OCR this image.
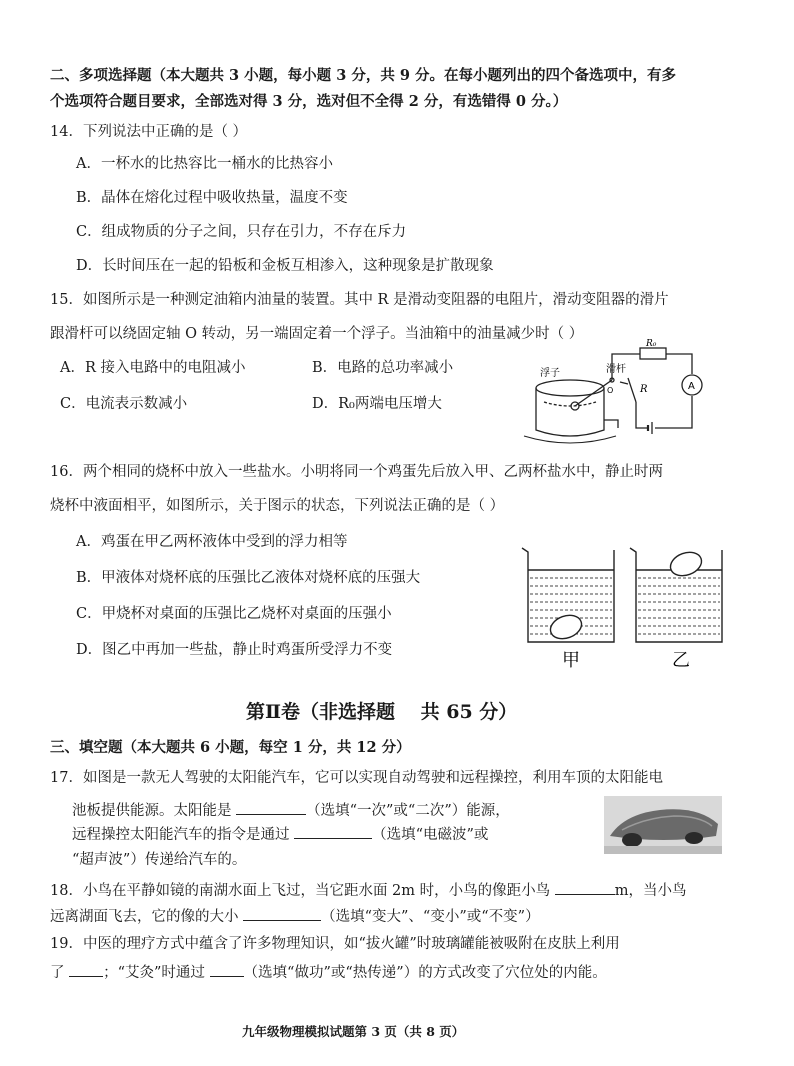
二、多项选择题（本大题共 3 小题，每小题 3 分，共 9 分。在每小题列出的四个备选项中，有多
个选项符合题目要求，全部选对得 3 分，选对但不全得 2 分，有选错得 0 分。）
14．下列说法中正确的是（ ）
A．一杯水的比热容比一桶水的比热容小
B．晶体在熔化过程中吸收热量，温度不变
C．组成物质的分子之间，只存在引力，不存在斥力
D．长时间压在一起的铅板和金板互相渗入，这种现象是扩散现象
15．如图所示是一种测定油箱内油量的装置。其中 R 是滑动变阻器的电阻片，滑动变阻器的滑片
跟滑杆可以绕固定轴 O 转动，另一端固定着一个浮子。当油箱中的油量减少时（ ）
A．R 接入电路中的电阻减小	B．电路的总功率减小
C．电流表示数减小	D．R₀两端电压增大
浮子	滑杆
R
R₀
A
O
16．两个相同的烧杯中放入一些盐水。小明将同一个鸡蛋先后放入甲、乙两杯盐水中，静止时两
烧杯中液面相平，如图所示，关于图示的状态，下列说法正确的是（ ）
A．鸡蛋在甲乙两杯液体中受到的浮力相等
B．甲液体对烧杯底的压强比乙液体对烧杯底的压强大
C．甲烧杯对桌面的压强比乙烧杯对桌面的压强小
D．图乙中再加一些盐，静止时鸡蛋所受浮力不变	甲	乙
第Ⅱ卷（非选择题　 共 65 分）
三、填空题（本大题共 6 小题，每空 1 分，共 12 分）
17．如图是一款无人驾驶的太阳能汽车，它可以实现自动驾驶和远程操控，利用车顶的太阳能电
池板提供能源。太阳能是	（选填“一次”或“二次”）能源，
远程操控太阳能汽车的指令是通过	（选填“电磁波”或
“超声波”）传递给汽车的。
18．小鸟在平静如镜的南湖水面上飞过，当它距水面 2m 时，小鸟的像距小鸟	m，当小鸟
远离湖面飞去，它的像的大小	（选填“变大”、“变小”或“不变”）
19．中医的理疗方式中蕴含了许多物理知识，如“拔火罐”时玻璃罐能被吸附在皮肤上利用
了 ；“艾灸”时通过 （选填“做功”或“热传递”）的方式改变了穴位处的内能。
九年级物理模拟试题第 3 页（共 8 页）
